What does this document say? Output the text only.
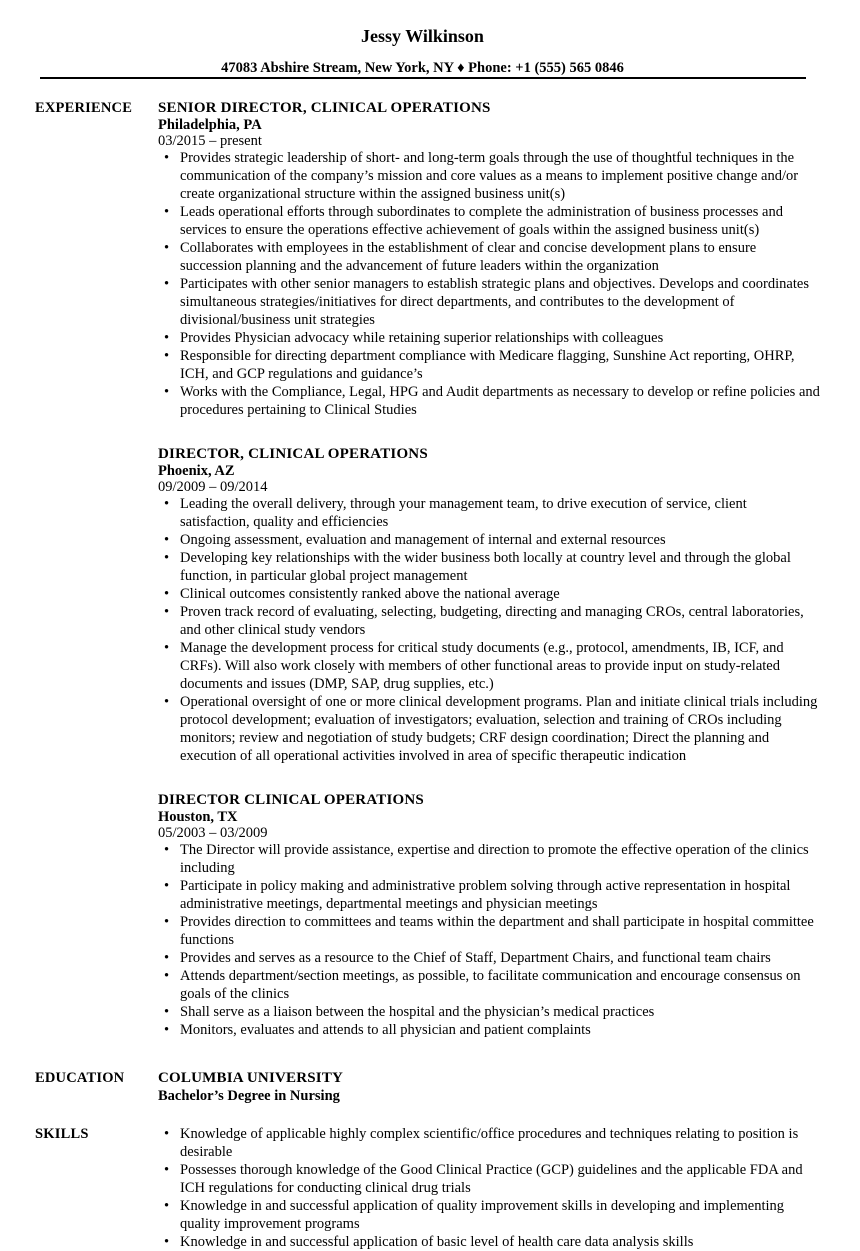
Jessy Wilkinson
47083 Abshire Stream, New York, NY ♦ Phone: +1 (555) 565 0846
EXPERIENCE SENIOR DIRECTOR, CLINICAL OPERATIONS
Philadelphia, PA
03/2015 – present
• Provides strategic leadership of short- and long-term goals through the use of thoughtful techniques in the communication of the company’s mission and core values as a means to implement positive change and/or create organizational structure within the assigned business unit(s)
• Leads operational efforts through subordinates to complete the administration of business processes and services to ensure the operations effective achievement of goals within the assigned business unit(s)
• Collaborates with employees in the establishment of clear and concise development plans to ensure succession planning and the advancement of future leaders within the organization
• Participates with other senior managers to establish strategic plans and objectives. Develops and coordinates simultaneous strategies/initiatives for direct departments, and contributes to the development of divisional/business unit strategies
• Provides Physician advocacy while retaining superior relationships with colleagues
• Responsible for directing department compliance with Medicare flagging, Sunshine Act reporting, OHRP, ICH, and GCP regulations and guidance’s
• Works with the Compliance, Legal, HPG and Audit departments as necessary to develop or refine policies and procedures pertaining to Clinical Studies
DIRECTOR, CLINICAL OPERATIONS
Phoenix, AZ
09/2009 – 09/2014
• Leading the overall delivery, through your management team, to drive execution of service, client satisfaction, quality and efficiencies
• Ongoing assessment, evaluation and management of internal and external resources
• Developing key relationships with the wider business both locally at country level and through the global function, in particular global project management
• Clinical outcomes consistently ranked above the national average
• Proven track record of evaluating, selecting, budgeting, directing and managing CROs, central laboratories, and other clinical study vendors
• Manage the development process for critical study documents (e.g., protocol, amendments, IB, ICF, and CRFs). Will also work closely with members of other functional areas to provide input on study-related documents and issues (DMP, SAP, drug supplies, etc.)
• Operational oversight of one or more clinical development programs. Plan and initiate clinical trials including protocol development; evaluation of investigators; evaluation, selection and training of CROs including monitors; review and negotiation of study budgets; CRF design coordination; Direct the planning and execution of all operational activities involved in area of specific therapeutic indication
DIRECTOR CLINICAL OPERATIONS
Houston, TX
05/2003 – 03/2009
• The Director will provide assistance, expertise and direction to promote the effective operation of the clinics including
• Participate in policy making and administrative problem solving through active representation in hospital administrative meetings, departmental meetings and physician meetings
• Provides direction to committees and teams within the department and shall participate in hospital committee functions
• Provides and serves as a resource to the Chief of Staff, Department Chairs, and functional team chairs
• Attends department/section meetings, as possible, to facilitate communication and encourage consensus on goals of the clinics
• Shall serve as a liaison between the hospital and the physician’s medical practices
• Monitors, evaluates and attends to all physician and patient complaints
EDUCATION COLUMBIA UNIVERSITY
Bachelor’s Degree in Nursing
SKILLS	• Knowledge of applicable highly complex scientific/office procedures and techniques relating to position is desirable
• Possesses thorough knowledge of the Good Clinical Practice (GCP) guidelines and the applicable FDA and ICH regulations for conducting clinical drug trials
• Knowledge in and successful application of quality improvement skills in developing and implementing quality improvement programs
• Knowledge in and successful application of basic level of health care data analysis skills
